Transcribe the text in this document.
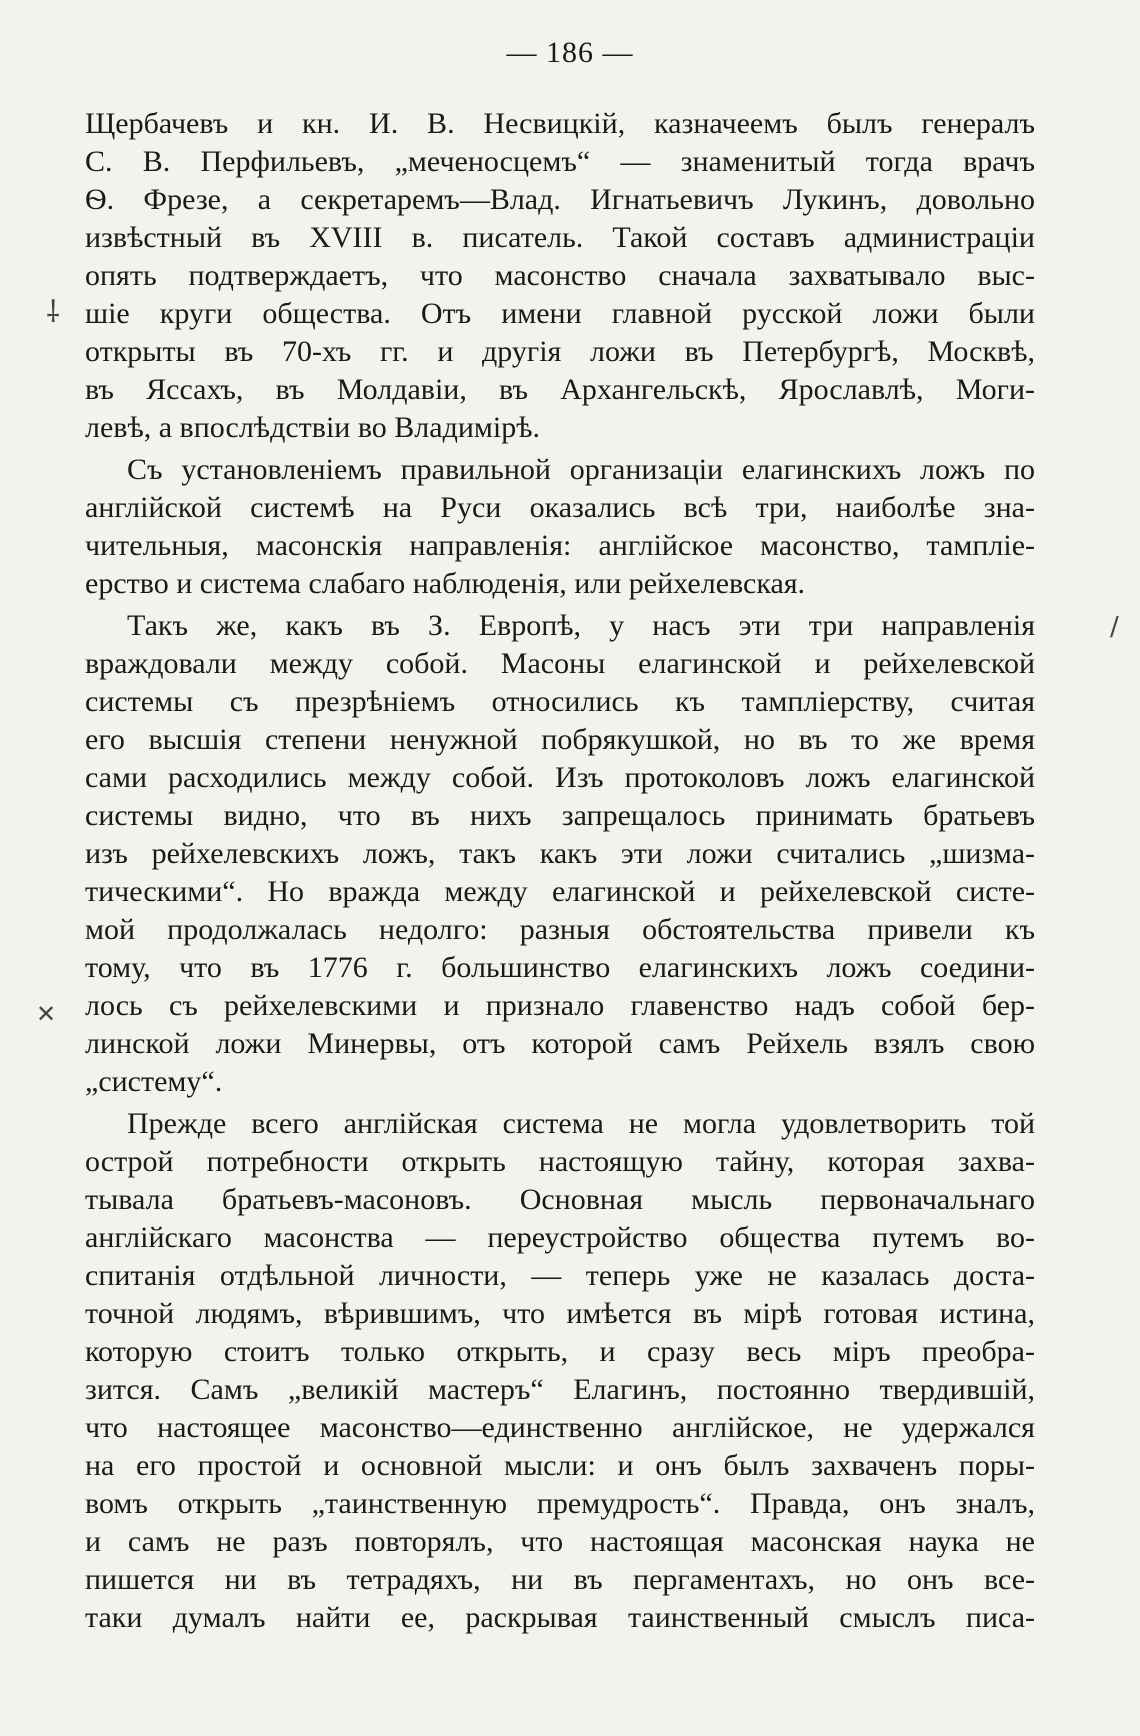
— 186 —
⸸
/
✕
Щербачевъ и кн. И. В. Несвицкій, казначеемъ былъ генералъ
С. В. Перфильевъ, „меченосцемъ“ — знаменитый тогда врачъ
Ѳ. Фрезе, а секретаремъ—Влад. Игнатьевичъ Лукинъ, довольно
извѣстный въ XVIII в. писатель. Такой составъ администраціи
опять подтверждаетъ, что масонство сначала захватывало выс-
шіе круги общества. Отъ имени главной русской ложи были
открыты въ 70-хъ гг. и другія ложи въ Петербургѣ, Москвѣ,
въ Яссахъ, въ Молдавіи, въ Архангельскѣ, Ярославлѣ, Моги-
левѣ, а впослѣдствіи во Владимірѣ.
Съ установленіемъ правильной организаціи елагинскихъ ложъ по
англійской системѣ на Руси оказались всѣ три, наиболѣе зна-
чительныя, масонскія направленія: англійское масонство, тампліе-
ерство и система слабаго наблюденія, или рейхелевская.
Такъ же, какъ въ З. Европѣ, у насъ эти три направленія
враждовали между собой. Масоны елагинской и рейхелевской
системы съ презрѣніемъ относились къ тампліерству, считая
его высшія степени ненужной побрякушкой, но въ то же время
сами расходились между собой. Изъ протоколовъ ложъ елагинской
системы видно, что въ нихъ запрещалось принимать братьевъ
изъ рейхелевскихъ ложъ, такъ какъ эти ложи считались „шизма-
тическими“. Но вражда между елагинской и рейхелевской систе-
мой продолжалась недолго: разныя обстоятельства привели къ
тому, что въ 1776 г. большинство елагинскихъ ложъ соедини-
лось съ рейхелевскими и признало главенство надъ собой бер-
линской ложи Минервы, отъ которой самъ Рейхель взялъ свою
„систему“.
Прежде всего англійская система не могла удовлетворить той
острой потребности открыть настоящую тайну, которая захва-
тывала братьевъ-масоновъ. Основная мысль первоначальнаго
англійскаго масонства — переустройство общества путемъ во-
спитанія отдѣльной личности, — теперь уже не казалась доста-
точной людямъ, вѣрившимъ, что имѣется въ мірѣ готовая истина,
которую стоитъ только открыть, и сразу весь міръ преобра-
зится. Самъ „великій мастеръ“ Елагинъ, постоянно твердившій,
что настоящее масонство—единственно англійское, не удержался
на его простой и основной мысли: и онъ былъ захваченъ поры-
вомъ открыть „таинственную премудрость“. Правда, онъ зналъ,
и самъ не разъ повторялъ, что настоящая масонская наука не
пишется ни въ тетрадяхъ, ни въ пергаментахъ, но онъ все-
таки думалъ найти ее, раскрывая таинственный смыслъ писа-
